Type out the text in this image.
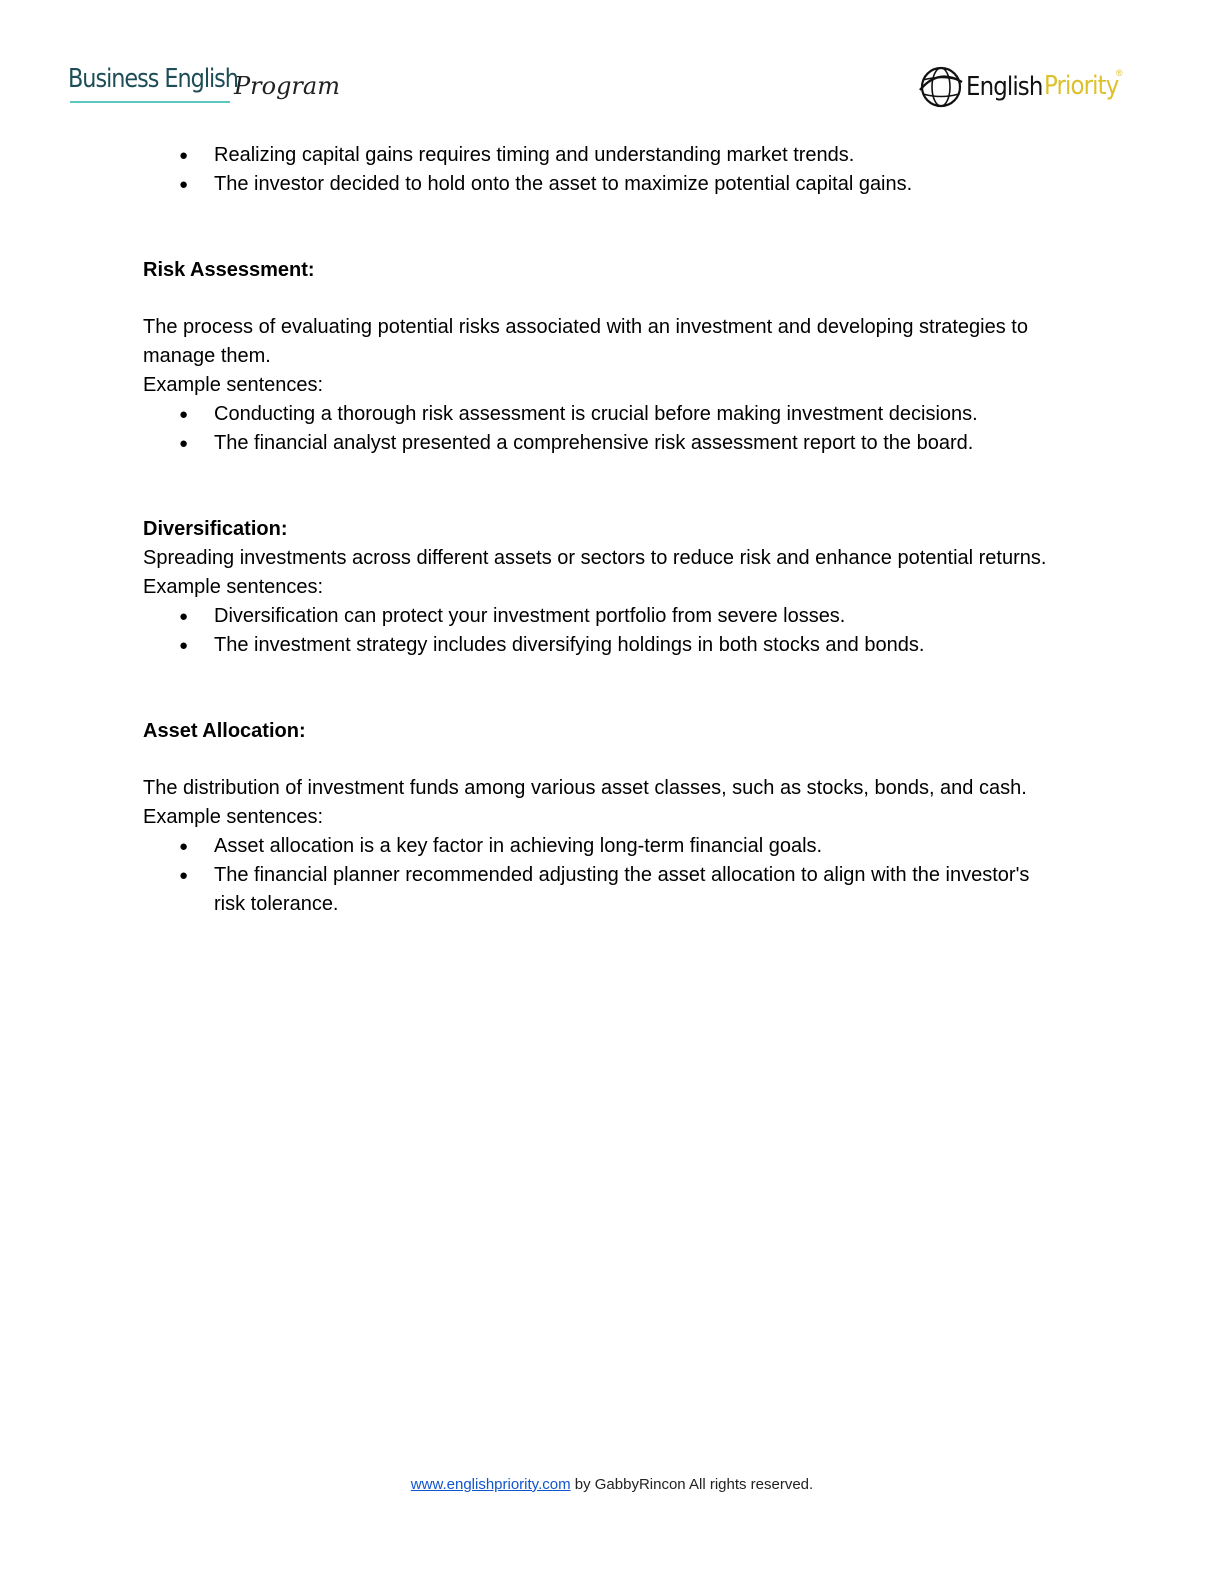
Business English
Program	English Priority
®
● Realizing capital gains requires timing and understanding market trends.
● The investor decided to hold onto the asset to maximize potential capital gains.

Risk Assessment:

The process of evaluating potential risks associated with an investment and developing strategies to manage them.

Example sentences:

● Conducting a thorough risk assessment is crucial before making investment decisions.
● The financial analyst presented a comprehensive risk assessment report to the board.

Diversification:

Spreading investments across different assets or sectors to reduce risk and enhance potential returns.

Example sentences:

● Diversification can protect your investment portfolio from severe losses.
● The investment strategy includes diversifying holdings in both stocks and bonds.

Asset Allocation:

The distribution of investment funds among various asset classes, such as stocks, bonds, and cash.

Example sentences:

● Asset allocation is a key factor in achieving long-term financial goals.
● The financial planner recommended adjusting the asset allocation to align with the investor's risk tolerance.
www.englishpriority.com by GabbyRincon All rights reserved.
